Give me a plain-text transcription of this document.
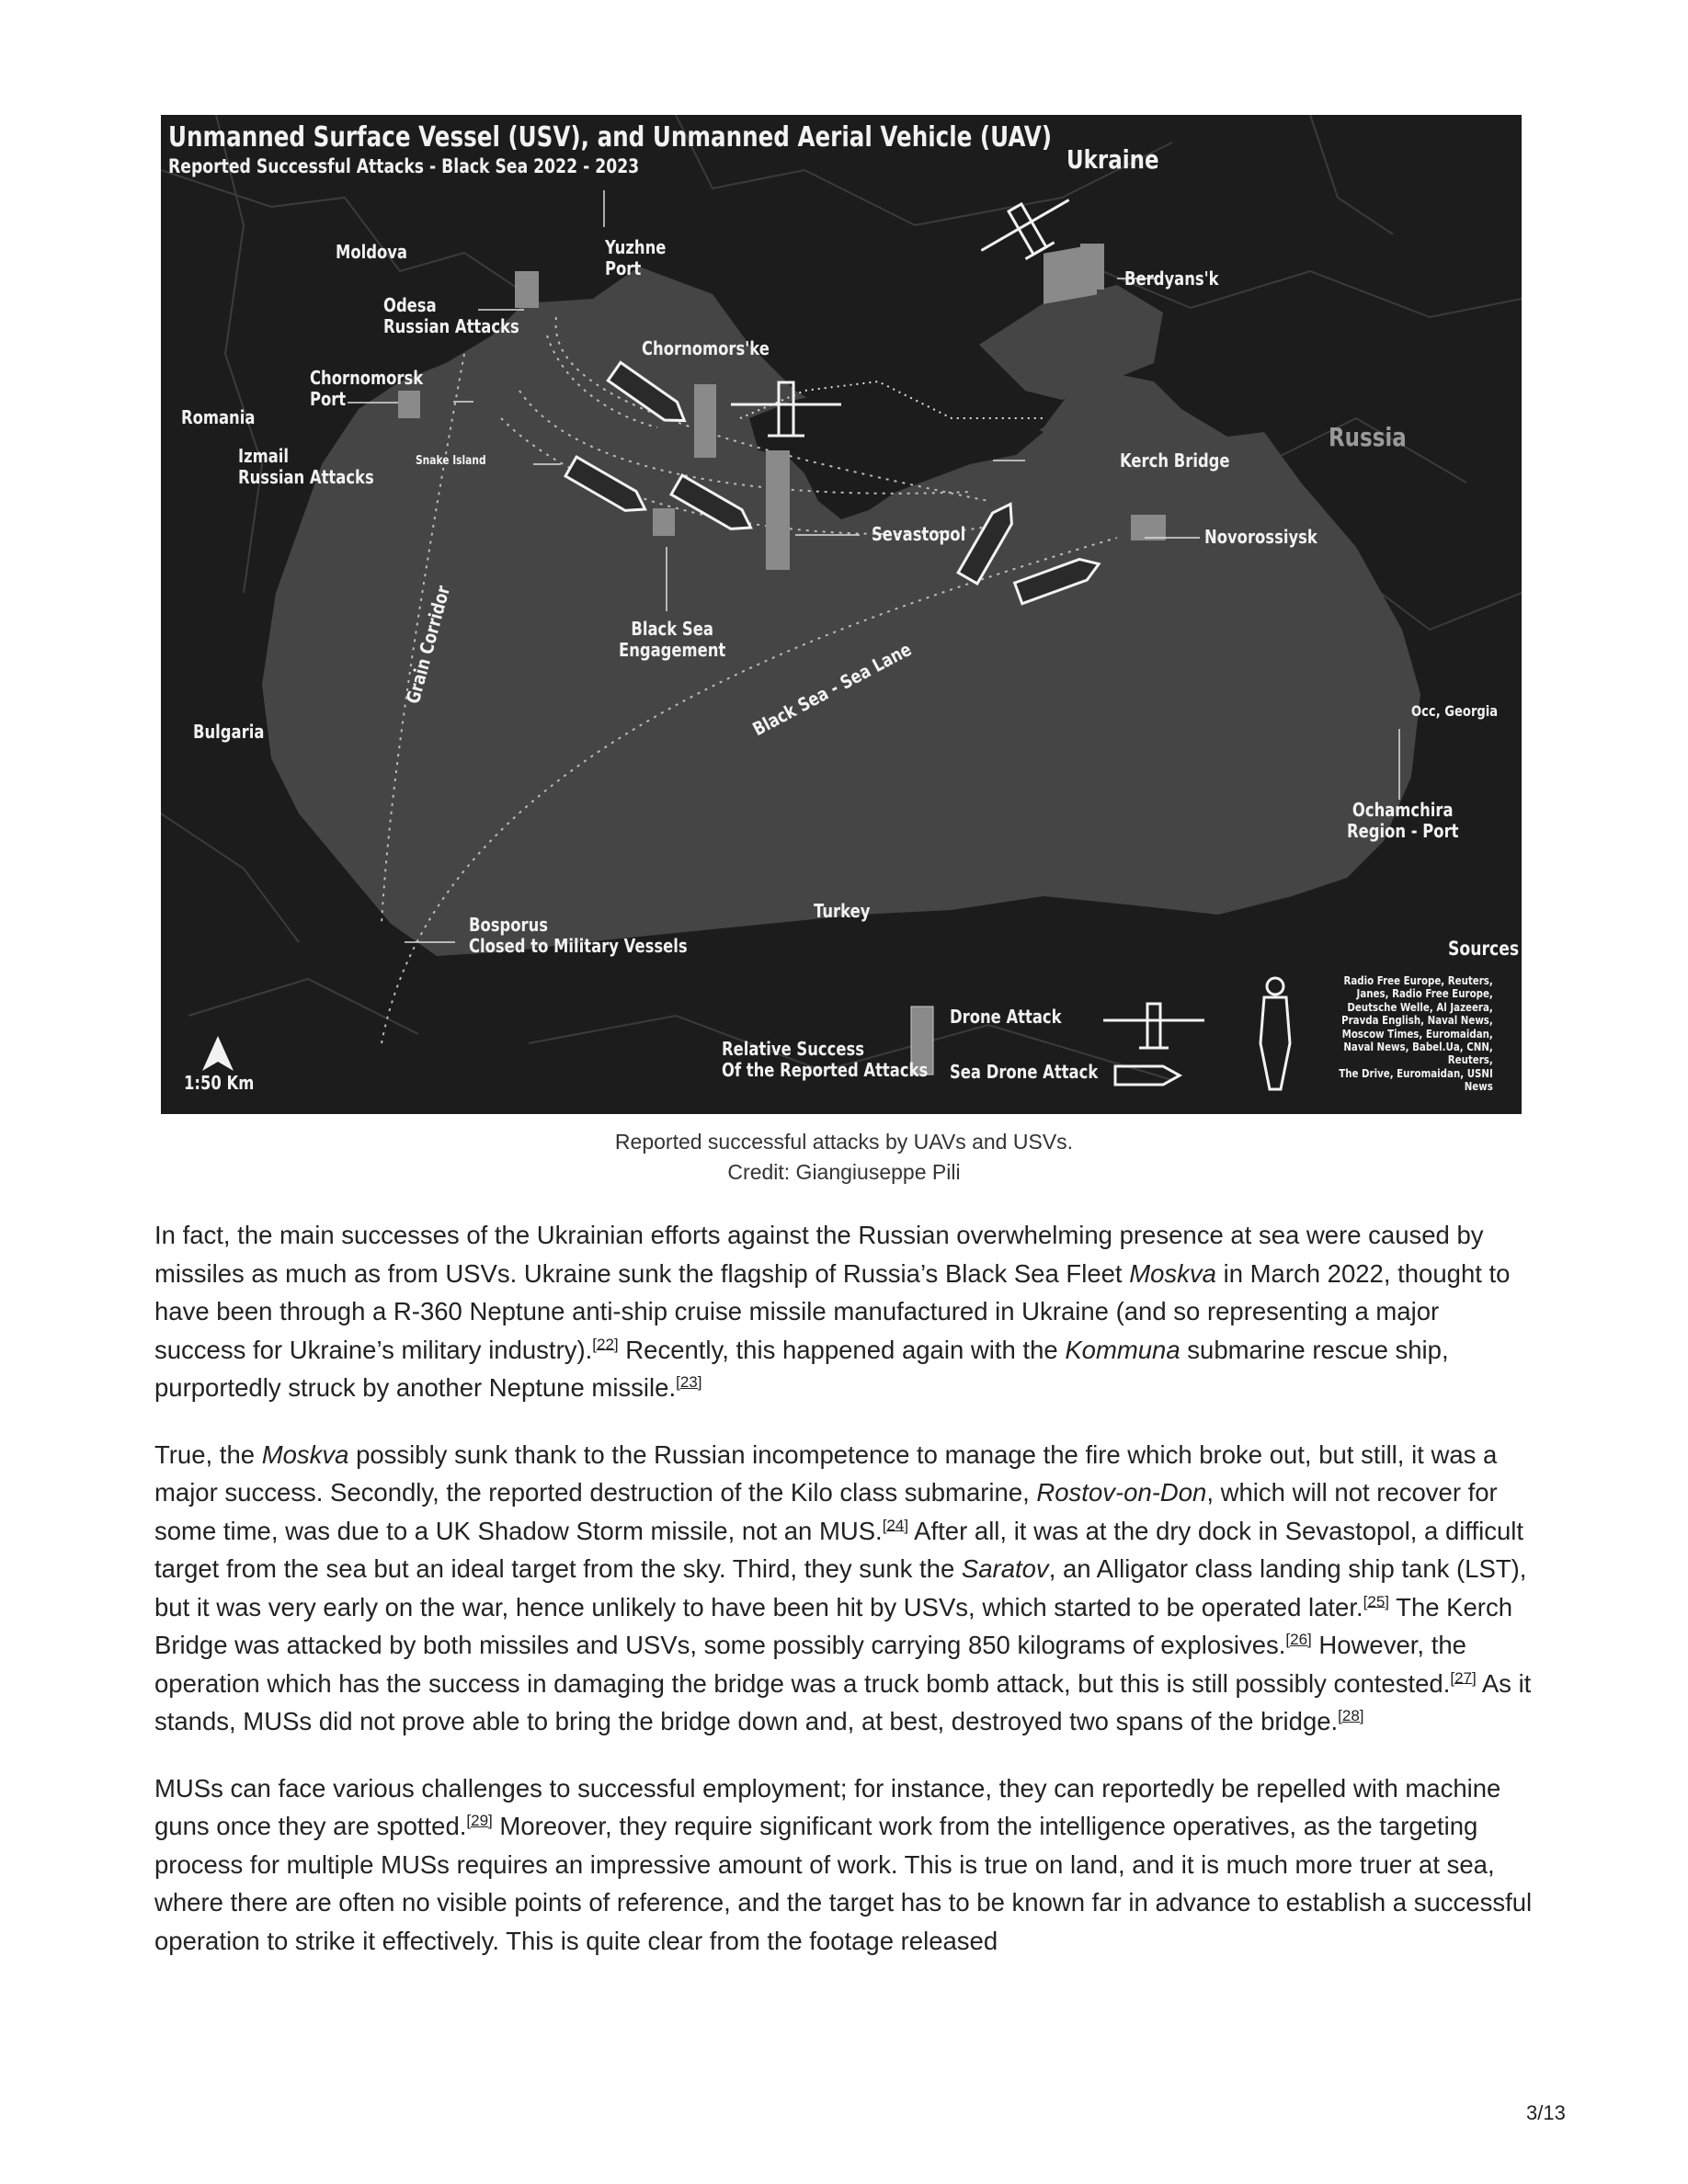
Unmanned Surface Vessel (USV), and Unmanned Aerial Vehicle (UAV)
Reported Successful Attacks - Black Sea 2022 - 2023	Ukraine
Russia
Moldova
Romania
Bulgaria
Turkey
Yuzhne
Port
Odesa
Russian Attacks
Chornomors'ke
Chornomorsk
Port
Izmail
Russian Attacks
Snake Island
Berdyans'k
Kerch Bridge
Sevastopol	Novorossiysk
Black Sea
Engagement
Grain Corridor	Black Sea - Sea Lane	Occ, Georgia
Ochamchira
Region - Port
Bosporus
Closed to Military Vessels
1:50 Km
Relative Success
Of the Reported Attacks
Drone Attack
Sea Drone Attack
Sources
Radio Free Europe, Reuters,
Janes, Radio Free Europe,
Deutsche Welle, Al Jazeera,
Pravda English, Naval News,
Moscow Times, Euromaidan,
Naval News, Babel.Ua, CNN, Reuters,
The Drive, Euromaidan, USNI News
Reported successful attacks by UAVs and USVs.
Credit: Giangiuseppe Pili

In fact, the main successes of the Ukrainian efforts against the Russian overwhelming presence at sea were caused by missiles as much as from USVs. Ukraine sunk the flagship of Russia’s Black Sea Fleet Moskva in March 2022, thought to have been through a R-360 Neptune anti-ship cruise missile manufactured in Ukraine (and so representing a major success for Ukraine’s military industry).[22] Recently, this happened again with the Kommuna submarine rescue ship, purportedly struck by another Neptune missile.[23]

True, the Moskva possibly sunk thank to the Russian incompetence to manage the fire which broke out, but still, it was a major success. Secondly, the reported destruction of the Kilo class submarine, Rostov-on-Don, which will not recover for some time, was due to a UK Shadow Storm missile, not an MUS.[24] After all, it was at the dry dock in Sevastopol, a difficult target from the sea but an ideal target from the sky. Third, they sunk the Saratov, an Alligator class landing ship tank (LST), but it was very early on the war, hence unlikely to have been hit by USVs, which started to be operated later.[25] The Kerch Bridge was attacked by both missiles and USVs, some possibly carrying 850 kilograms of explosives.[26] However, the operation which has the success in damaging the bridge was a truck bomb attack, but this is still possibly contested.[27] As it stands, MUSs did not prove able to bring the bridge down and, at best, destroyed two spans of the bridge.[28]

MUSs can face various challenges to successful employment; for instance, they can reportedly be repelled with machine guns once they are spotted.[29] Moreover, they require significant work from the intelligence operatives, as the targeting process for multiple MUSs requires an impressive amount of work. This is true on land, and it is much more truer at sea, where there are often no visible points of reference, and the target has to be known far in advance to establish a successful operation to strike it effectively. This is quite clear from the footage released

3/13
